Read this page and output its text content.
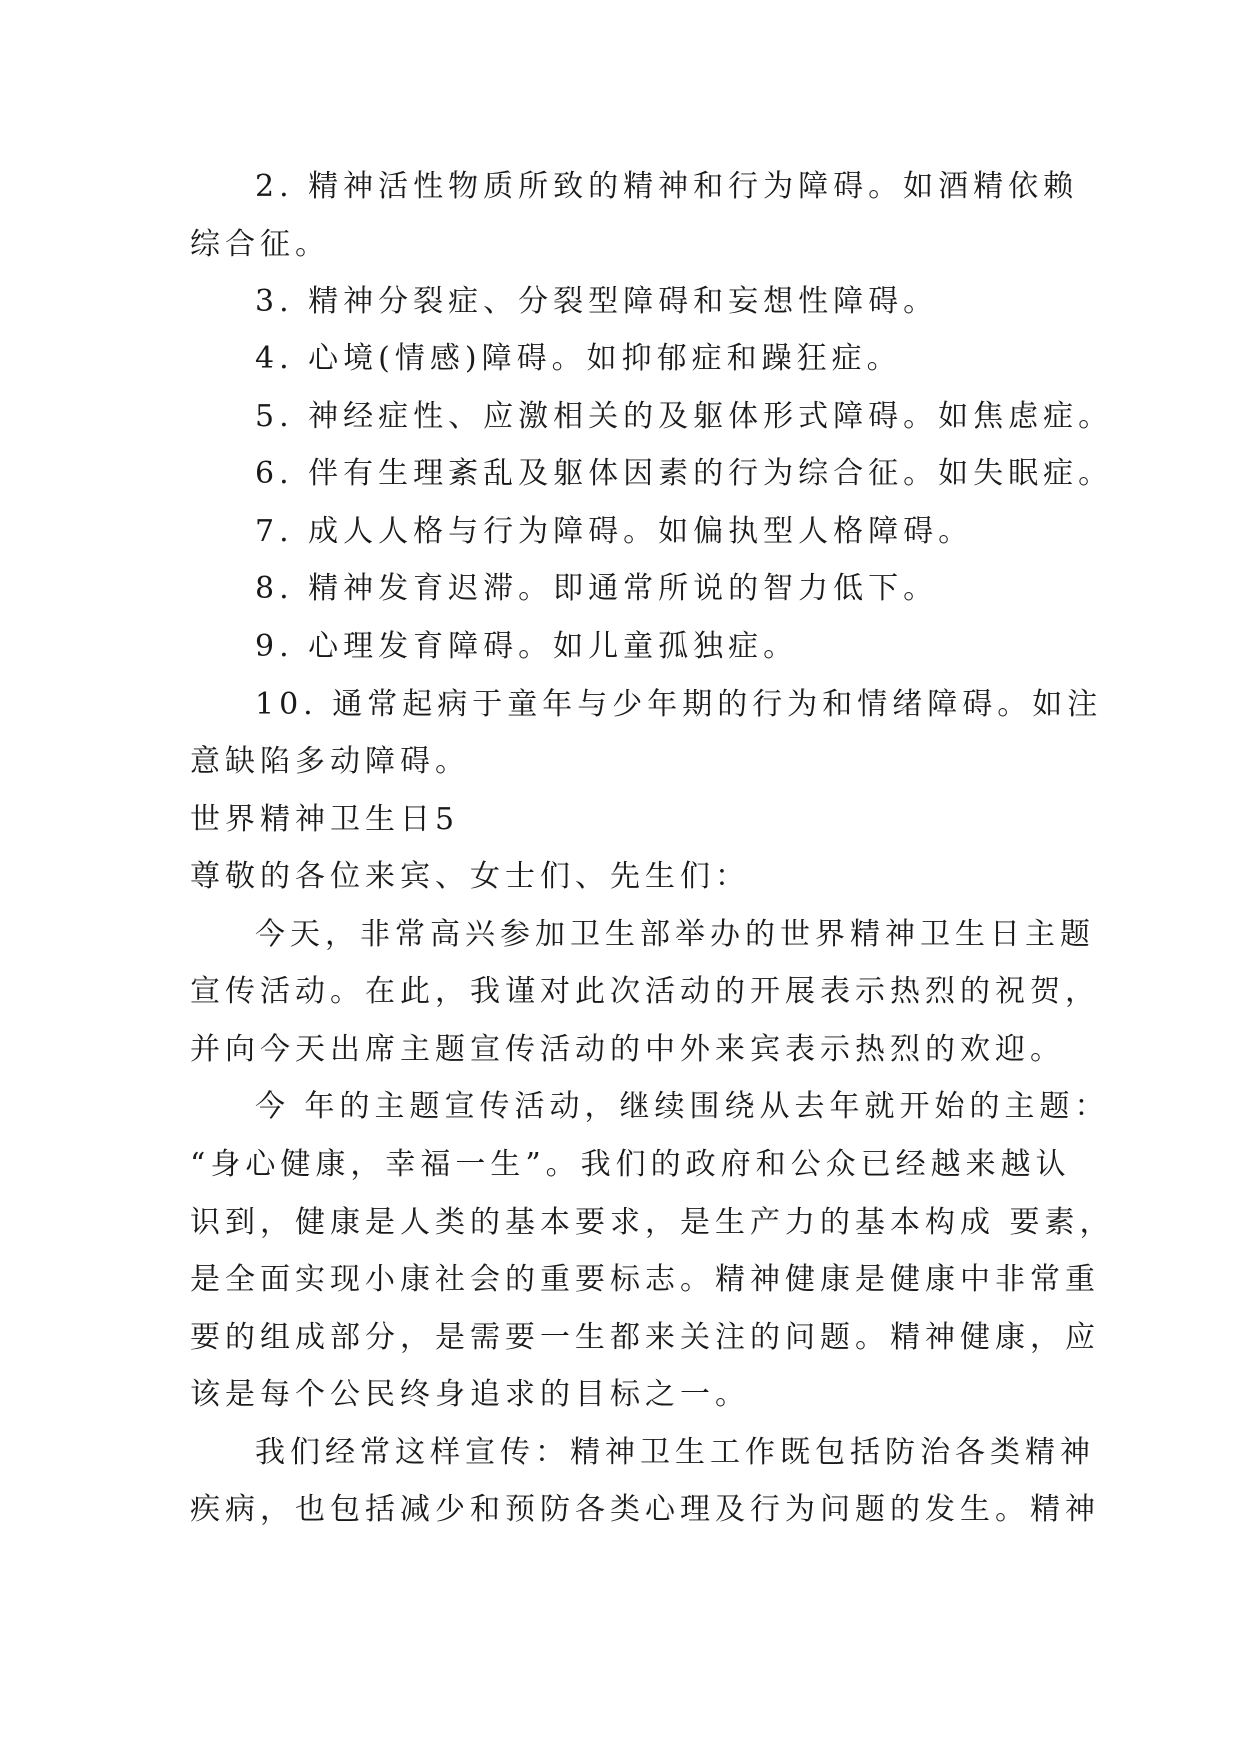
2. 精神活性物质所致的精神和行为障碍。如酒精依赖

综合征。

3. 精神分裂症、分裂型障碍和妄想性障碍。

4. 心境(情感)障碍。如抑郁症和躁狂症。

5. 神经症性、应激相关的及躯体形式障碍。如焦虑症。

6. 伴有生理紊乱及躯体因素的行为综合征。如失眠症。

7. 成人人格与行为障碍。如偏执型人格障碍。

8. 精神发育迟滞。即通常所说的智力低下。

9. 心理发育障碍。如儿童孤独症。

10. 通常起病于童年与少年期的行为和情绪障碍。如注

意缺陷多动障碍。

世界精神卫生日5

尊敬的各位来宾、女士们、先生们：

今天，非常高兴参加卫生部举办的世界精神卫生日主题

宣传活动。在此，我谨对此次活动的开展表示热烈的祝贺，

并向今天出席主题宣传活动的中外来宾表示热烈的欢迎。

今 年的主题宣传活动，继续围绕从去年就开始的主题：

“身心健康，幸福一生”。我们的政府和公众已经越来越认

识到，健康是人类的基本要求，是生产力的基本构成 要素，

是全面实现小康社会的重要标志。精神健康是健康中非常重

要的组成部分，是需要一生都来关注的问题。精神健康，应

该是每个公民终身追求的目标之一。

我们经常这样宣传：精神卫生工作既包括防治各类精神

疾病，也包括减少和预防各类心理及行为问题的发生。精神
